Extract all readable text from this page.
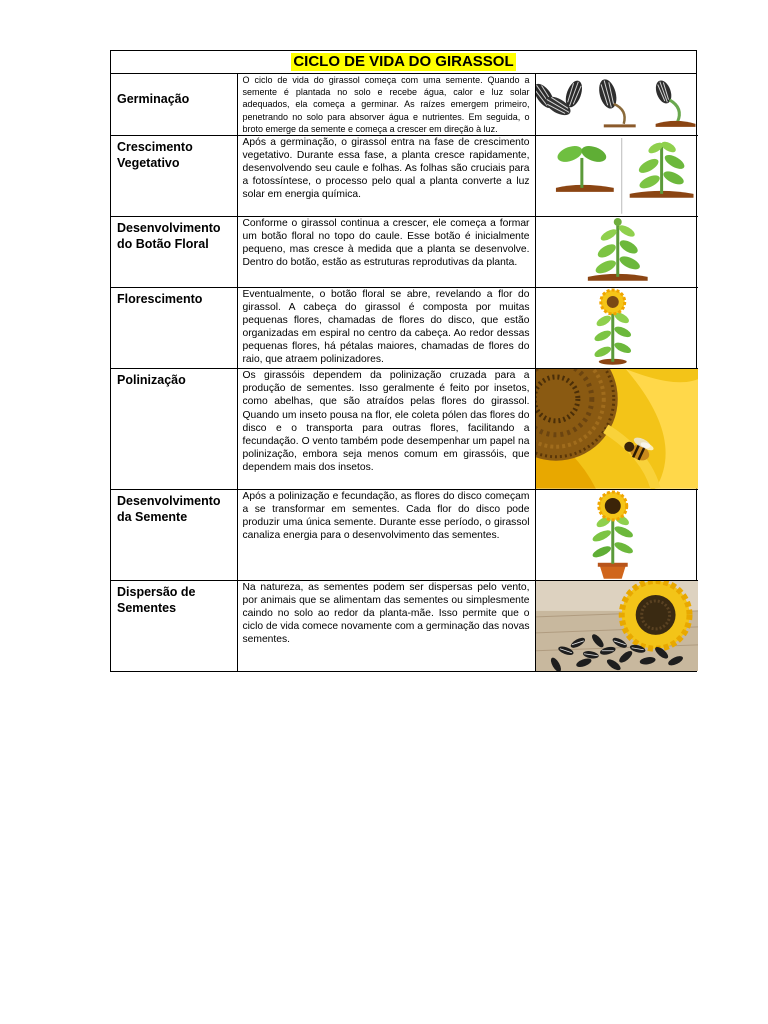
CICLO DE VIDA DO GIRASSOL
Germinação	O ciclo de vida do girassol começa com uma semente. Quando a semente é plantada no solo e recebe água, calor e luz solar adequados, ela começa a germinar. As raízes emergem primeiro, penetrando no solo para absorver água e nutrientes. Em seguida, o broto emerge da semente e começa a crescer em direção à luz.

Crescimento Vegetativo	Após a germinação, o girassol entra na fase de crescimento vegetativo. Durante essa fase, a planta cresce rapidamente, desenvolvendo seu caule e folhas. As folhas são cruciais para a fotossíntese, o processo pelo qual a planta converte a luz solar em energia química.

Desenvolvimento do Botão Floral	Conforme o girassol continua a crescer, ele começa a formar um botão floral no topo do caule. Esse botão é inicialmente pequeno, mas cresce à medida que a planta se desenvolve. Dentro do botão, estão as estruturas reprodutivas da planta.

Florescimento	Eventualmente, o botão floral se abre, revelando a flor do girassol. A cabeça do girassol é composta por muitas pequenas flores, chamadas de flores do disco, que estão organizadas em espiral no centro da cabeça. Ao redor dessas pequenas flores, há pétalas maiores, chamadas de flores do raio, que atraem polinizadores.

Polinização	Os girassóis dependem da polinização cruzada para a produção de sementes. Isso geralmente é feito por insetos, como abelhas, que são atraídos pelas flores do girassol. Quando um inseto pousa na flor, ele coleta pólen das flores do disco e o transporta para outras flores, facilitando a fecundação. O vento também pode desempenhar um papel na polinização, embora seja menos comum em girassóis, que dependem mais dos insetos.

Desenvolvimento da Semente	Após a polinização e fecundação, as flores do disco começam a se transformar em sementes. Cada flor do disco pode produzir uma única semente. Durante esse período, o girassol canaliza energia para o desenvolvimento das sementes.

Dispersão de Sementes	Na natureza, as sementes podem ser dispersas pelo vento, por animais que se alimentam das sementes ou simplesmente caindo no solo ao redor da planta-mãe. Isso permite que o ciclo de vida comece novamente com a germinação das novas sementes.
